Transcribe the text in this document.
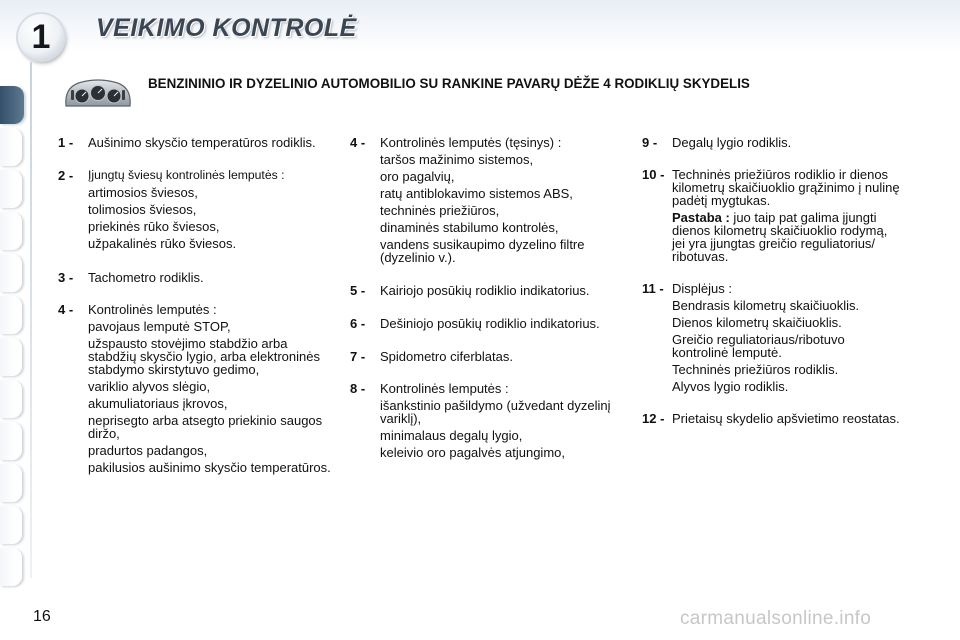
1 VEIKIMO KONTROLĖ
BENZININIO IR DYZELINIO AUTOMOBILIO SU RANKINE PAVARŲ DĖŽE 4 RODIKLIŲ SKYDELIS
1 -	Aušinimo skysčio temperatūros rodiklis.
2 -	Įjungtų šviesų kontrolinės lemputės :
artimosios šviesos,
tolimosios šviesos,
priekinės rūko šviesos,
užpakalinės rūko šviesos.
3 -	Tachometro rodiklis.
4 -	Kontrolinės lemputės :
pavojaus lemputė STOP,
užspausto stovėjimo stabdžio arba stabdžių skysčio lygio, arba elektroninės stabdymo skirstytuvo gedimo,
variklio alyvos slėgio,
akumuliatoriaus įkrovos,
neprisegto arba atsegto priekinio saugos diržo,
pradurtos padangos,
pakilusios aušinimo skysčio temperatūros.
4 -	Kontrolinės lemputės (tęsinys) :
taršos mažinimo sistemos,
oro pagalvių,
ratų antiblokavimo sistemos ABS,
techninės priežiūros,
dinaminės stabilumo kontrolės,
vandens susikaupimo dyzelino filtre (dyzelinio v.).
5 -	Kairiojo posūkių rodiklio indikatorius.
6 -	Dešiniojo posūkių rodiklio indikatorius.
7 -	Spidometro ciferblatas.
8 -	Kontrolinės lemputės :
išankstinio pašildymo (užvedant dyzelinį variklį),
minimalaus degalų lygio,
keleivio oro pagalvės atjungimo,
9 -	Degalų lygio rodiklis.
10 - Techninės priežiūros rodiklio ir dienos kilometrų skaičiuoklio grąžinimo į nulinę padėtį mygtukas.
Pastaba : juo taip pat galima įjungti dienos kilometrų skaičiuoklio rodymą, jei yra įjungtas greičio reguliatorius/ ribotuvas.
11 - Displėjus :
Bendrasis kilometrų skaičiuoklis.
Dienos kilometrų skaičiuoklis.
Greičio reguliatoriaus/ribotuvo kontrolinė lemputė.
Techninės priežiūros rodiklis.
Alyvos lygio rodiklis.
12 - Prietaisų skydelio apšvietimo reostatas.
16	carmanualsonline.info
